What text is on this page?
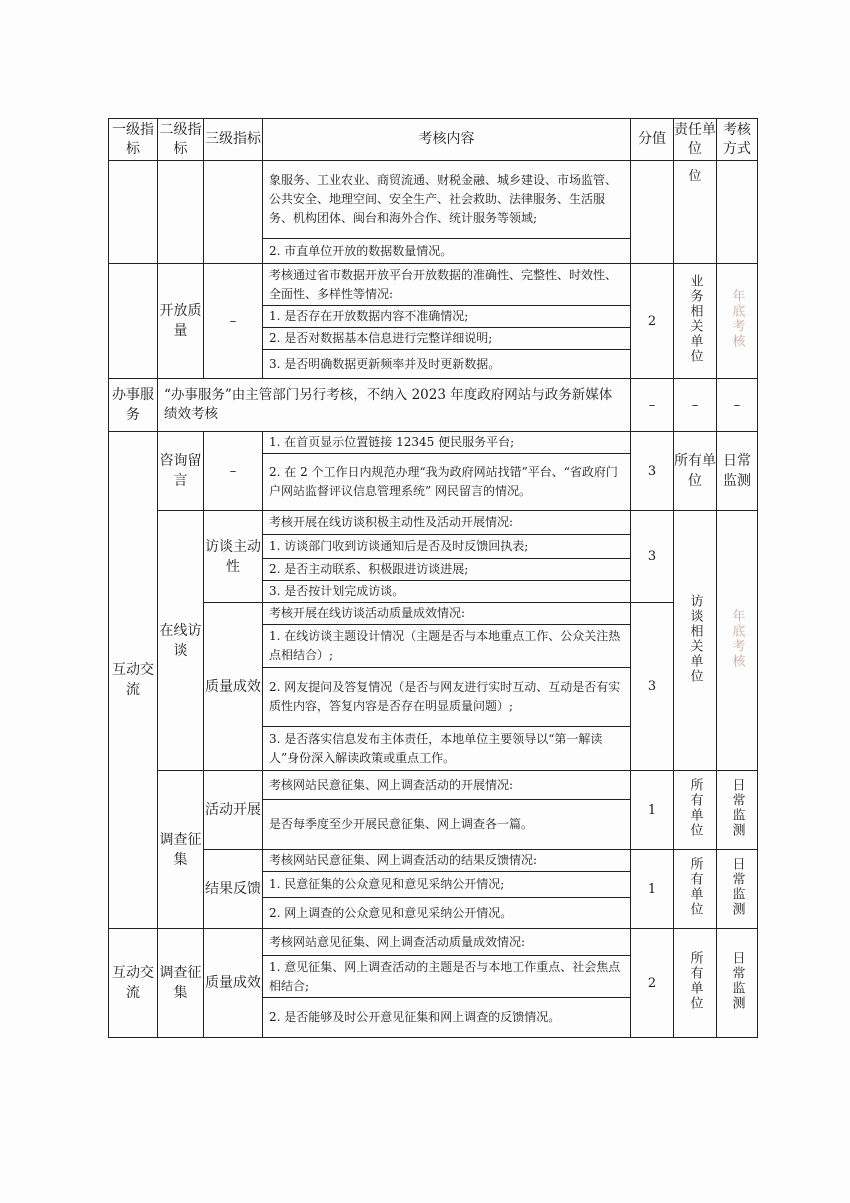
一级指标	二级指标	三级指标	考核内容	分值	责任单位	考核方式
			象服务、工业农业、商贸流通、财税金融、城乡建设、市场监管、公共安全、地理空间、安全生产、社会救助、法律服务、生活服务、机构团体、闽台和海外合作、统计服务等领域;		位	
			2. 市直单位开放的数据数量情况。			
	开放质量	–	考核通过省市数据开放平台开放数据的准确性、完整性、时效性、全面性、多样性等情况:	2	业务相关单位	年底考核
			1. 是否存在开放数据内容不准确情况;			
			2. 是否对数据基本信息进行完整详细说明;			
			3. 是否明确数据更新频率并及时更新数据。			
办事服务	“办事服务”由主管部门另行考核，不纳入 2023 年度政府网站与政务新媒体绩效考核			–	–	–
互动交流	咨询留言	–	1. 在首页显示位置链接 12345 便民服务平台;	3	所有单位	日常监测
			2. 在 2 个工作日内规范办理“我为政府网站找错”平台、“省政府门户网站监督评议信息管理系统” 网民留言的情况。			
	在线访谈	访谈主动性	考核开展在线访谈积极主动性及活动开展情况:	3	访谈相关单位	年底考核
			1. 访谈部门收到访谈通知后是否及时反馈回执表;			
			2. 是否主动联系、积极跟进访谈进展;			
			3. 是否按计划完成访谈。			
		质量成效	考核开展在线访谈活动质量成效情况:	3		
			1. 在线访谈主题设计情况（主题是否与本地重点工作、公众关注热点相结合）;			
			2. 网友提问及答复情况（是否与网友进行实时互动、互动是否有实质性内容，答复内容是否存在明显质量问题）;			
			3. 是否落实信息发布主体责任，本地单位主要领导以“第一解读人”身份深入解读政策或重点工作。			
	调查征集	活动开展	考核网站民意征集、网上调查活动的开展情况:	1	所有单位	日常监测
			是否每季度至少开展民意征集、网上调查各一篇。			
		结果反馈	考核网站民意征集、网上调查活动的结果反馈情况:	1	所有单位	日常监测
			1. 民意征集的公众意见和意见采纳公开情况;			
			2. 网上调查的公众意见和意见采纳公开情况。			
互动交流	调查征集	质量成效	考核网站意见征集、网上调查活动质量成效情况:	2	所有单位	日常监测
			1. 意见征集、网上调查活动的主题是否与本地工作重点、社会焦点相结合;			
			2. 是否能够及时公开意见征集和网上调查的反馈情况。			
